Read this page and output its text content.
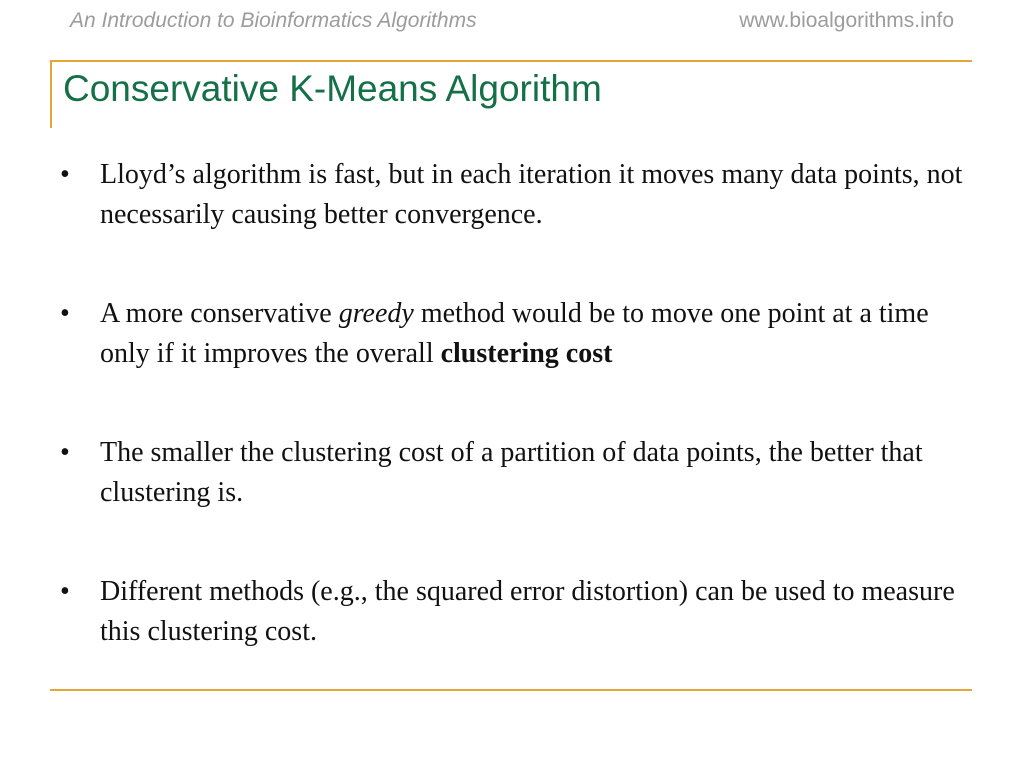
An Introduction to Bioinformatics Algorithms	www.bioalgorithms.info
Conservative K-Means Algorithm
• Lloyd’s algorithm is fast, but in each iteration it moves many data points, not necessarily causing better convergence.
• A more conservative greedy method would be to move one point at a time only if it improves the overall clustering cost
• The smaller the clustering cost of a partition of data points, the better that clustering is.
• Different methods (e.g., the squared error distortion) can be used to measure this clustering cost.
